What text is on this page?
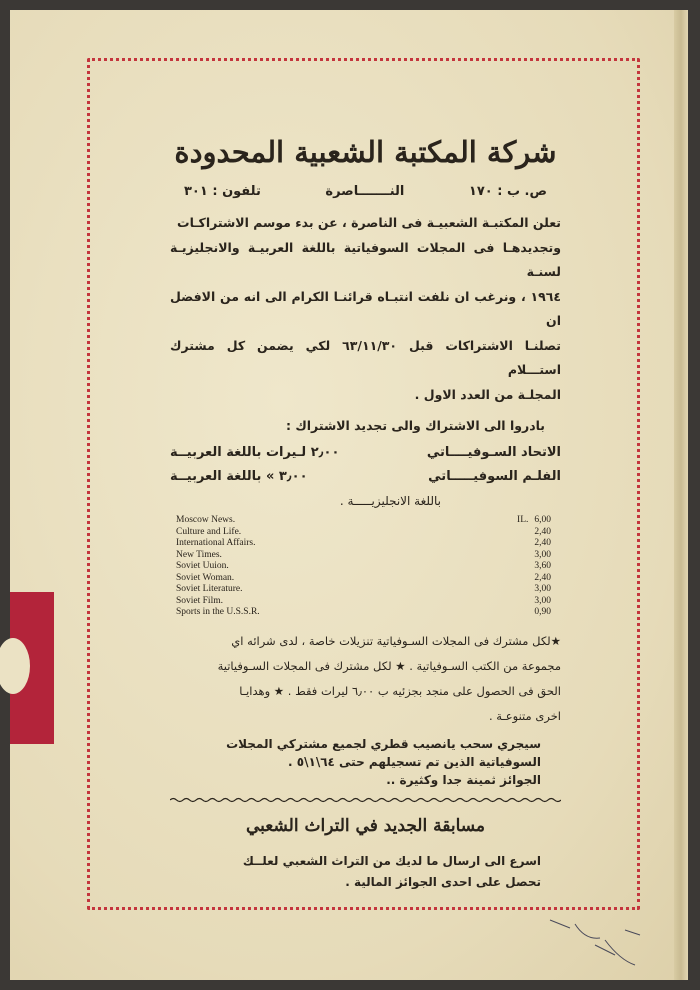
شركة المكتبة الشعبية المحدودة
ص. ب : ١٧٠
النـــــــاصرة
تلفون : ٣٠١

تعلن المكتبـة الشعبيـة فى الناصرة ، عن بدء موسم الاشتراكـات

وتجديدهـا فى المجلات السوفياتية باللغة العربيـة والانجليزيـة لسنـة

١٩٦٤ ، ونرغب ان نلفت انتبـاه قرائنـا الكرام الى انه من الافضل ان

تصلنـا الاشتراكات قبل ٦٣/١١/٣٠ لكي يضمن كل مشترك استـــلام

المجلـة من العدد الاول .

بادروا الى الاشتراك والى تجديد الاشتراك :
الاتحاد السـوفيــــاتي
٢٫٠٠ لـيرات باللغة العربيــة
الفلـم السوفيـــــاتي
٣٫٠٠ » باللغة العربيــة
باللغة الانجليزيـــــة .
Moscow News.	IL. 6,00
Culture and Life.	2,40
International Affairs.	2,40
New Times.	3,00
Soviet Uuion.	3,60
Soviet Woman.	2,40
Soviet Literature.	3,00
Soviet Film.	3,00
Sports in the U.S.S.R.	0,90

★لكل مشترك فى المجلات السـوفياتية تنزيلات خاصة ، لدى شرائه اي

مجموعة من الكتب السـوفياتية . ★ لكل مشترك فى المجلات السـوفياتية

الحق فى الحصول على منجد بجزئيه ب ٦٫٠٠ ليرات فقط . ★ وهدايـا

اخرى متنوعـة .

سيجري سحب يانصيب قطري لجميع مشتركي المجلات

السوفياتية الذين تم تسجيلهم حتى ٦٤\١\٥ .

الجوائز ثمينة جدا وكثيرة ..

مسابقة الجديد في التراث الشعبي

اسرع الى ارسال ما لديك من التراث الشعبي لعلــك

تحصل على احدى الجوائز المالية .
